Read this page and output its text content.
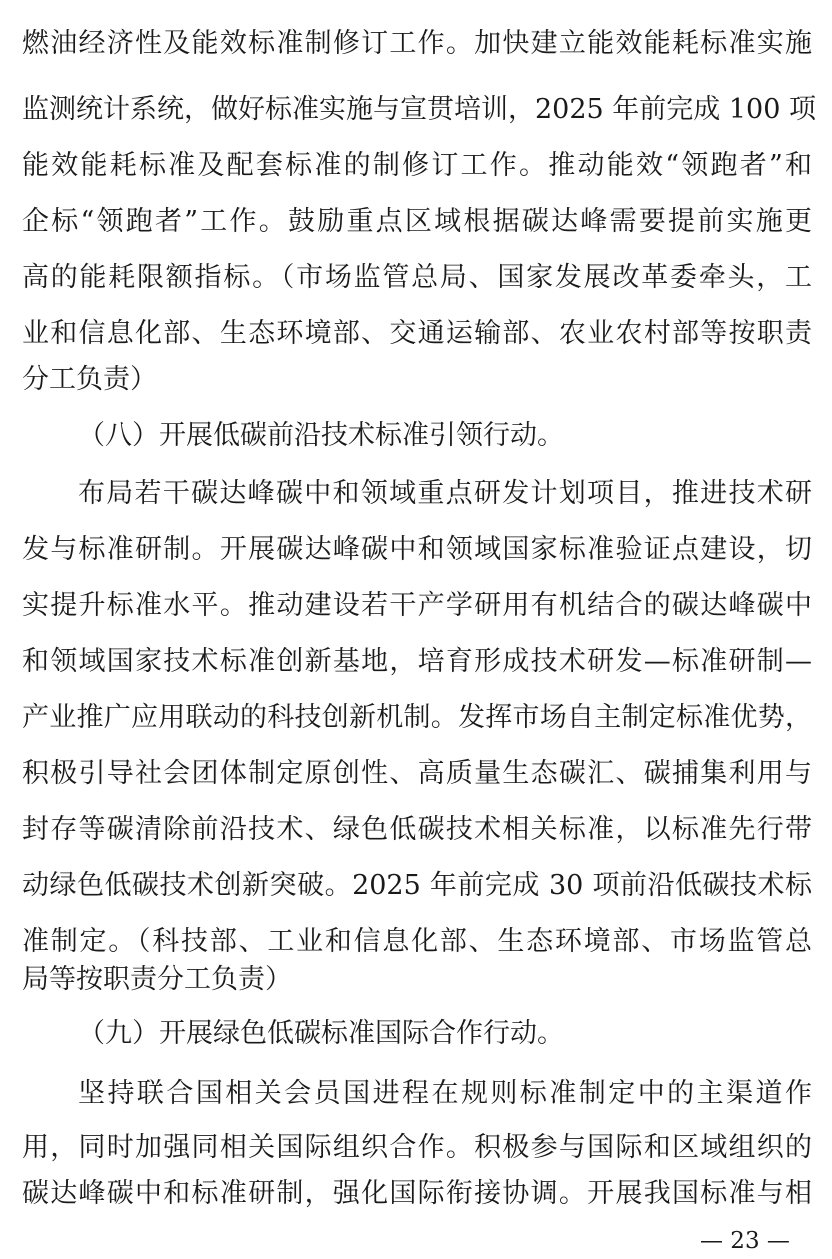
燃油经济性及能效标准制修订工作。加快建立能效能耗标准实施
监测统计系统，做好标准实施与宣贯培训，2025 年前完成 100 项
能效能耗标准及配套标准的制修订工作。推动能效“领跑者”和
企标“领跑者”工作。鼓励重点区域根据碳达峰需要提前实施更
高的能耗限额指标。（市场监管总局、国家发展改革委牵头，工
业和信息化部、生态环境部、交通运输部、农业农村部等按职责
分工负责）
（八）开展低碳前沿技术标准引领行动。
布局若干碳达峰碳中和领域重点研发计划项目，推进技术研
发与标准研制。开展碳达峰碳中和领域国家标准验证点建设，切
实提升标准水平。推动建设若干产学研用有机结合的碳达峰碳中
和领域国家技术标准创新基地，培育形成技术研发—标准研制—
产业推广应用联动的科技创新机制。发挥市场自主制定标准优势，
积极引导社会团体制定原创性、高质量生态碳汇、碳捕集利用与
封存等碳清除前沿技术、绿色低碳技术相关标准，以标准先行带
动绿色低碳技术创新突破。2025 年前完成 30 项前沿低碳技术标
准制定。（科技部、工业和信息化部、生态环境部、市场监管总
局等按职责分工负责）
（九）开展绿色低碳标准国际合作行动。
坚持联合国相关会员国进程在规则标准制定中的主渠道作
用，同时加强同相关国际组织合作。积极参与国际和区域组织的
碳达峰碳中和标准研制，强化国际衔接协调。开展我国标准与相
— 23 —
